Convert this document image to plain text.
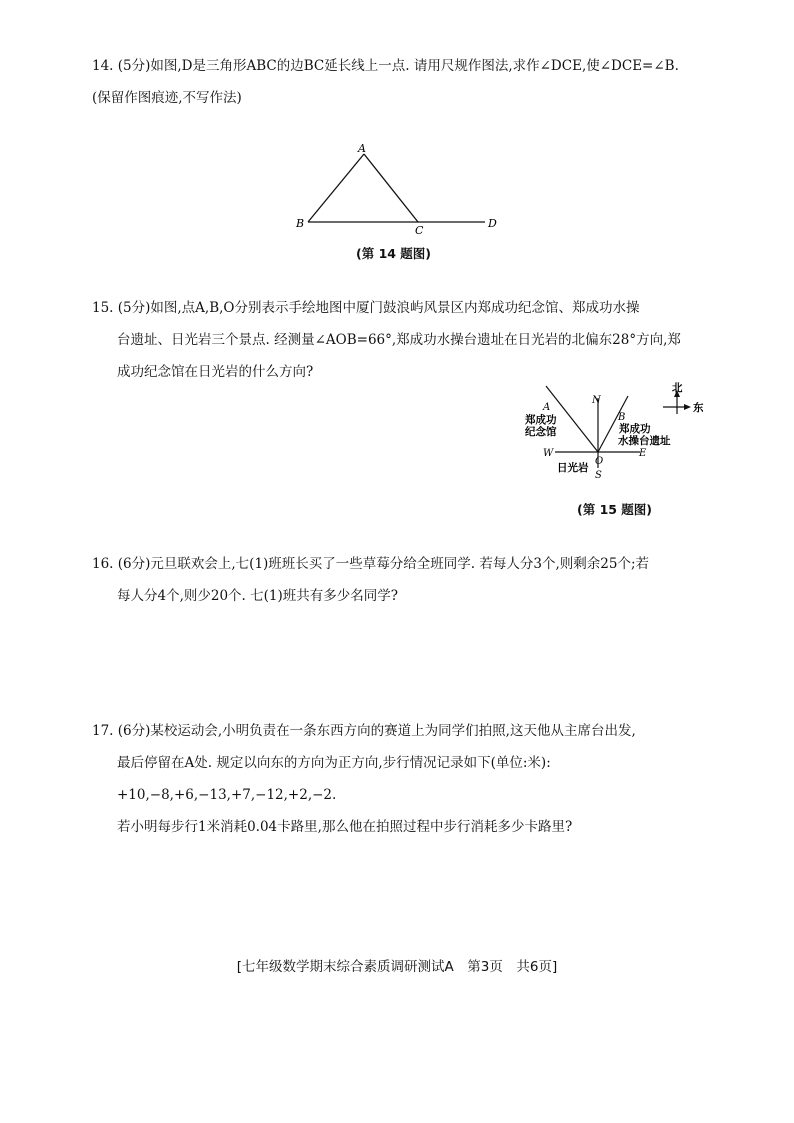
14. (5分)如图,D是三角形ABC的边BC延长线上一点. 请用尺规作图法,求作∠DCE,使∠DCE=∠B.

(保留作图痕迹,不写作法)

A
B
C
D
(第 14 题图)

15. (5分)如图,点A,B,O分别表示手绘地图中厦门鼓浪屿风景区内郑成功纪念馆、郑成功水操

台遗址、日光岩三个景点. 经测量∠AOB=66°,郑成功水操台遗址在日光岩的北偏东28°方向,郑

成功纪念馆在日光岩的什么方向?

A
B
N
W	E
O
S
郑成功
纪念馆	郑成功
水操台遗址
日光岩
北
东
(第 15 题图)

16. (6分)元旦联欢会上,七(1)班班长买了一些草莓分给全班同学. 若每人分3个,则剩余25个;若

每人分4个,则少20个. 七(1)班共有多少名同学?

17. (6分)某校运动会,小明负责在一条东西方向的赛道上为同学们拍照,这天他从主席台出发,

最后停留在A处. 规定以向东的方向为正方向,步行情况记录如下(单位:米):

+10,−8,+6,−13,+7,−12,+2,−2.

若小明每步行1米消耗0.04卡路里,那么他在拍照过程中步行消耗多少卡路里?

[七年级数学期末综合素质调研测试A　第3页　共6页]
